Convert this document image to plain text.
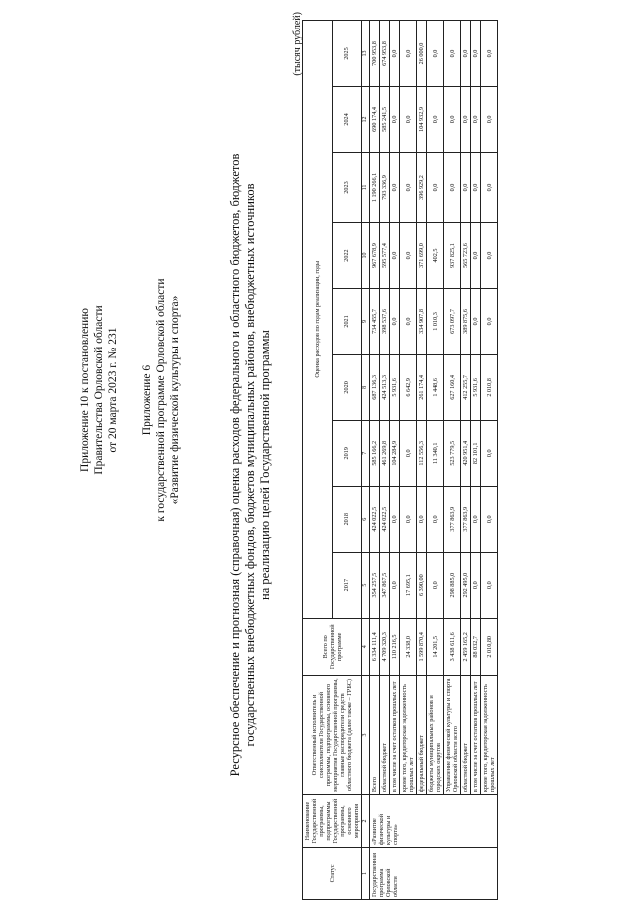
Приложение 10 к постановлению Правительства Орловской области от 20 марта 2023 г. № 231 Приложение 6 к государственной программе Орловской области «Развитие физической культуры и спорта»	Ресурсное обеспечение и прогнозная (справочная) оценка расходов федерального и областного бюджетов, бюджетов государственных внебюджетных фондов, бюджетов муниципальных районов, внебюджетных источников на реализацию целей Государственной программы
(тысяч рублей)
Статус	Наименование Государственной программы, подпрограммы Государственной программы, основного мероприятия	Ответственный исполнитель и соисполнители Государственной программы, подпрограммы, основного мероприятия Государственной программы, главные распорядители средств областного бюджета (далее также – ГРБС)	Всего по Государственной программе	Оценка расходов по годам реализации, годы								
				2017	2018	2019	2020	2021	2022	2023	2024	2025
1	2	3	4	5	6	7	8	9	10	11	12	13
Государственная программа Орловской области	«Развитие физической культуры и спорта»	Всего	6 334 111,4	354 257,5	424 022,5	585 166,2	687 136,3	734 455,7	967 678,9	1 190 266,1	690 174,4	700 953,8
		областной бюджет	4 709 320,3	347 867,5	424 022,5	461 269,8	424 513,3	398 537,6	595 577,4	793 336,9	585 241,5	674 953,8
		в том числе за счет остатков прошлых лет	110 216,5	0,0	0,0	104 284,9	5 931,6	0,0	0,0	0,0	0,0	0,0
		кроме того, кредиторская задолженность прошлых лет	24 338,0	17 695,1	0,0	0,0	6 642,9	0,0	0,0	0,0	0,0	0,0
		федеральный бюджет	1 599 870,4	6 390,00	0,0	112 556,3	261 174,4	334 907,8	371 699,0	396 929,2	104 932,9	26 000,0
		бюджеты муниципальных районов и городских округов	14 201,5	0,0	0,0	11 340,1	1 448,6	1 010,3	402,5	0,0	0,0	0,0
		Управление физической культуры и спорта Орловской области всего	3 438 611,6	298 885,0	377 863,9	523 779,5	627 160,4	673 097,7	937 825,1	0,0	0,0	0,0
		областной бюджет	2 459 165,2	292 495,0	377 863,9	420 951,4	412 255,7	389 875,6	565 723,6	0,0	0,0	0,0
		в том числе за счет остатков прошлых лет	88 032,7	0,0	0,0	82 101,1	5 931,6	0,0	0,0	0,0	0,0	0,0
		кроме того, кредиторская задолженность прошлых лет	2 010,80	0,0	0,0	0,0	2 010,8	0,0	0,0	0,0	0,0	0,0
